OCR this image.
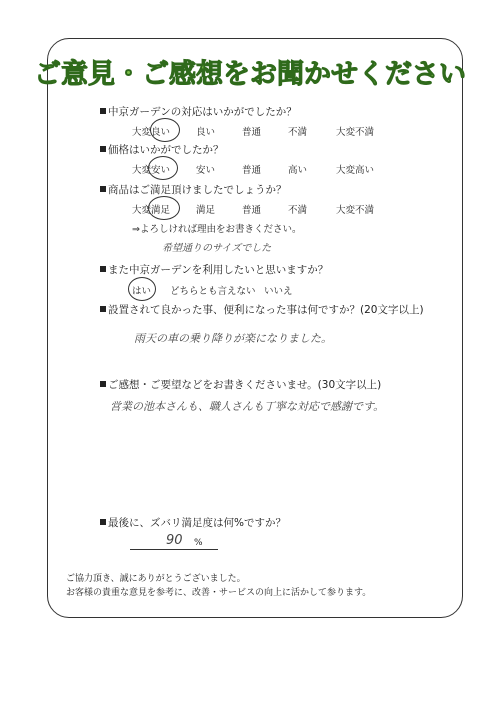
ご意見・ご感想をお聞かせください
中京ガーデンの対応はいかがでしたか？
大変良い	良い	普通	不満	大変不満
価格はいかがでしたか？
大変安い	安い	普通	高い	大変高い
商品はご満足頂けましたでしょうか？
大変満足	満足	普通	不満	大変不満
⇒よろしければ理由をお書きください。
希望通りのサイズでした
また中京ガーデンを利用したいと思いますか？
はい どちらとも言えない いいえ
設置されて良かった事、便利になった事は何ですか？(20文字以上)
雨天の車の乗り降りが楽になりました。
ご感想・ご要望などをお書きくださいませ。(30文字以上)
営業の池本さんも、職人さんも丁寧な対応で感謝です。
最後に、ズバリ満足度は何%ですか？
90 %
ご協力頂き、誠にありがとうございました。
お客様の貴重な意見を参考に、改善・サービスの向上に活かして参ります。
